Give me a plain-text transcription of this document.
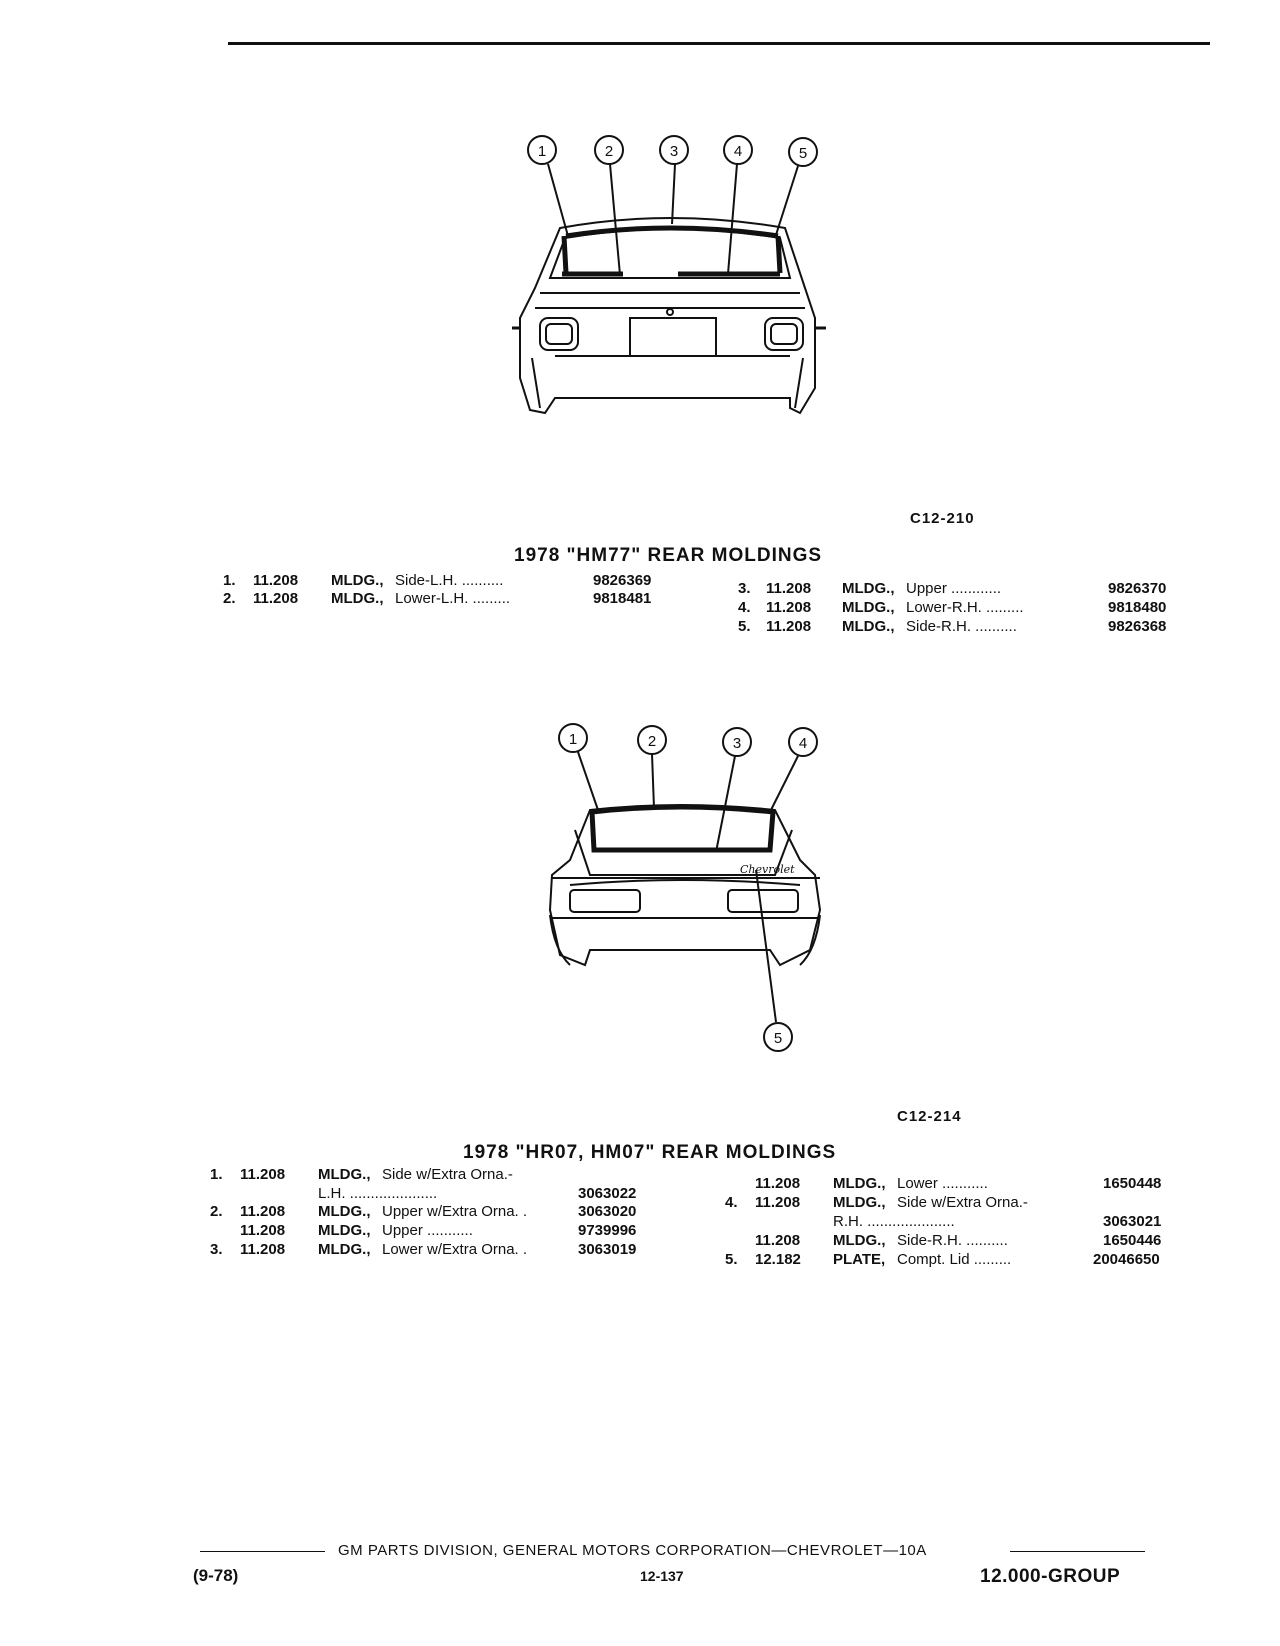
1	2	3	4	5
C12-210
1978 "HM77" REAR MOLDINGS
1. 11.208 MLDG., Side-L.H. ..........	9826369
2. 11.208 MLDG., Lower-L.H. .........	9818481
3. 11.208 MLDG., Upper ............	9826370
4. 11.208 MLDG., Lower-R.H. .........	9818480
5. 11.208 MLDG., Side-R.H. ..........	9826368
1	2	3	4
5
Chevrolet
C12-214
1978 "HR07, HM07" REAR MOLDINGS
1. 11.208 MLDG., Side w/Extra Orna.-
L.H. .....................	3063022
2. 11.208 MLDG., Upper w/Extra Orna. .	3063020
11.208 MLDG., Upper ...........	9739996
3. 11.208 MLDG., Lower w/Extra Orna. .	3063019
11.208 MLDG., Lower ...........	1650448
4. 11.208 MLDG., Side w/Extra Orna.-
R.H. .....................	3063021
11.208 MLDG., Side-R.H. ..........	1650446
5. 12.182 PLATE, Compt. Lid .........	20046650
GM PARTS DIVISION, GENERAL MOTORS CORPORATION—CHEVROLET—10A
(9-78)	12-137	12.000-GROUP
